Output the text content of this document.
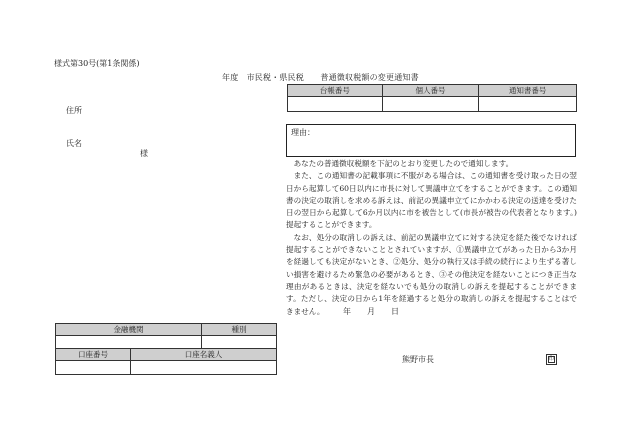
様式第30号(第1条関係)
年度　市民税・県民税　　普通徴収税額の変更通知書
台帳番号	個人番号	通知書番号

住所
氏名
様
理由：

あなたの普通徴収税額を下記のとおり変更したので通知します。

また、この通知書の記載事項に不服がある場合は、この通知書を受け取った日の翌日から起算して60日以内に市長に対して異議申立てをすることができます。この通知書の決定の取消しを求める訴えは、前記の異議申立てにかかわる決定の送達を受けた日の翌日から起算して6か月以内に市を被告として(市長が被告の代表者となります。)提起することができます。

なお、処分の取消しの訴えは、前記の異議申立てに対する決定を経た後でなければ提起することができないこととされていますが、①異議申立てがあった日から3か月を経過しても決定がないとき、②処分、処分の執行又は手続の続行により生ずる著しい損害を避けるため緊急の必要があるとき、③その他決定を経ないことにつき正当な理由があるときは、決定を経ないでも処分の取消しの訴えを提起することができます。ただし、決定の日から1年を経過すると処分の取消しの訴えを提起することはできません。	年　　月　　日
金融機関		種別

口座番号	口座名義人	

熊野市長	印
